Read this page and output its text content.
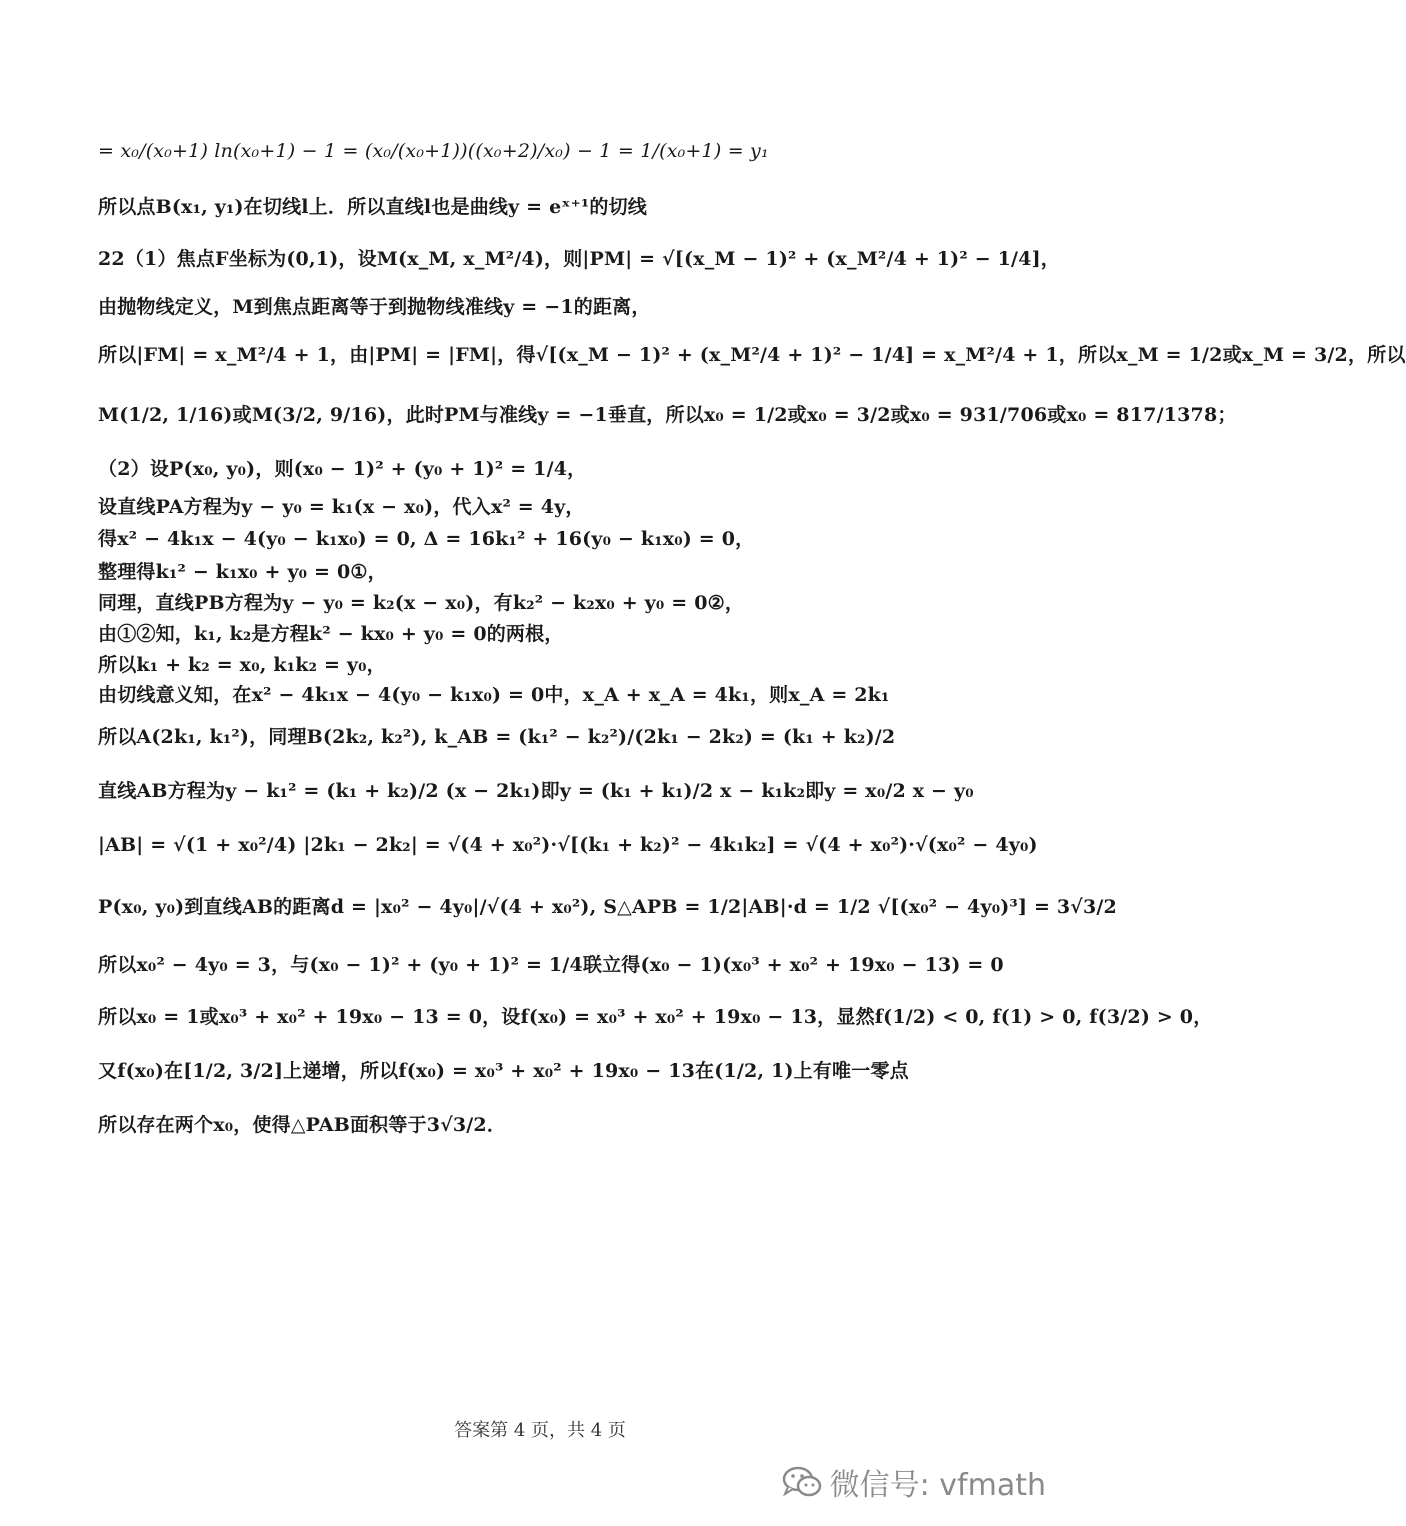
= x₀/(x₀+1) ln(x₀+1) − 1 = (x₀/(x₀+1))((x₀+2)/x₀) − 1 = 1/(x₀+1) = y₁
所以点B(x₁, y₁)在切线l上．所以直线l也是曲线y = eˣ⁺¹的切线
22（1）焦点F坐标为(0,1)，设M(x_M, x_M²/4)，则|PM| = √[(x_M − 1)² + (x_M²/4 + 1)² − 1/4]，
由抛物线定义，M到焦点距离等于到抛物线准线y = −1的距离，
所以|FM| = x_M²/4 + 1，由|PM| = |FM|，得√[(x_M − 1)² + (x_M²/4 + 1)² − 1/4] = x_M²/4 + 1，所以x_M = 1/2或x_M = 3/2，所以
M(1/2, 1/16)或M(3/2, 9/16)，此时PM与准线y = −1垂直，所以x₀ = 1/2或x₀ = 3/2或x₀ = 931/706或x₀ = 817/1378；
（2）设P(x₀, y₀)，则(x₀ − 1)² + (y₀ + 1)² = 1/4，
设直线PA方程为y − y₀ = k₁(x − x₀)，代入x² = 4y，
得x² − 4k₁x − 4(y₀ − k₁x₀) = 0, Δ = 16k₁² + 16(y₀ − k₁x₀) = 0，
整理得k₁² − k₁x₀ + y₀ = 0①，
同理，直线PB方程为y − y₀ = k₂(x − x₀)，有k₂² − k₂x₀ + y₀ = 0②，
由①②知，k₁, k₂是方程k² − kx₀ + y₀ = 0的两根，
所以k₁ + k₂ = x₀, k₁k₂ = y₀，
由切线意义知，在x² − 4k₁x − 4(y₀ − k₁x₀) = 0中，x_A + x_A = 4k₁，则x_A = 2k₁
所以A(2k₁, k₁²)，同理B(2k₂, k₂²), k_AB = (k₁² − k₂²)/(2k₁ − 2k₂) = (k₁ + k₂)/2
直线AB方程为y − k₁² = (k₁ + k₂)/2 (x − 2k₁)即y = (k₁ + k₁)/2 x − k₁k₂即y = x₀/2 x − y₀
|AB| = √(1 + x₀²/4) |2k₁ − 2k₂| = √(4 + x₀²)·√[(k₁ + k₂)² − 4k₁k₂] = √(4 + x₀²)·√(x₀² − 4y₀)
P(x₀, y₀)到直线AB的距离d = |x₀² − 4y₀|/√(4 + x₀²), S△APB = 1/2|AB|·d = 1/2 √[(x₀² − 4y₀)³] = 3√3/2
所以x₀² − 4y₀ = 3，与(x₀ − 1)² + (y₀ + 1)² = 1/4联立得(x₀ − 1)(x₀³ + x₀² + 19x₀ − 13) = 0
所以x₀ = 1或x₀³ + x₀² + 19x₀ − 13 = 0，设f(x₀) = x₀³ + x₀² + 19x₀ − 13，显然f(1/2) < 0, f(1) > 0, f(3/2) > 0，
又f(x₀)在[1/2, 3/2]上递增，所以f(x₀) = x₀³ + x₀² + 19x₀ − 13在(1/2, 1)上有唯一零点
所以存在两个x₀，使得△PAB面积等于3√3/2．
答案第 4 页，共 4 页
微信号: vfmath
